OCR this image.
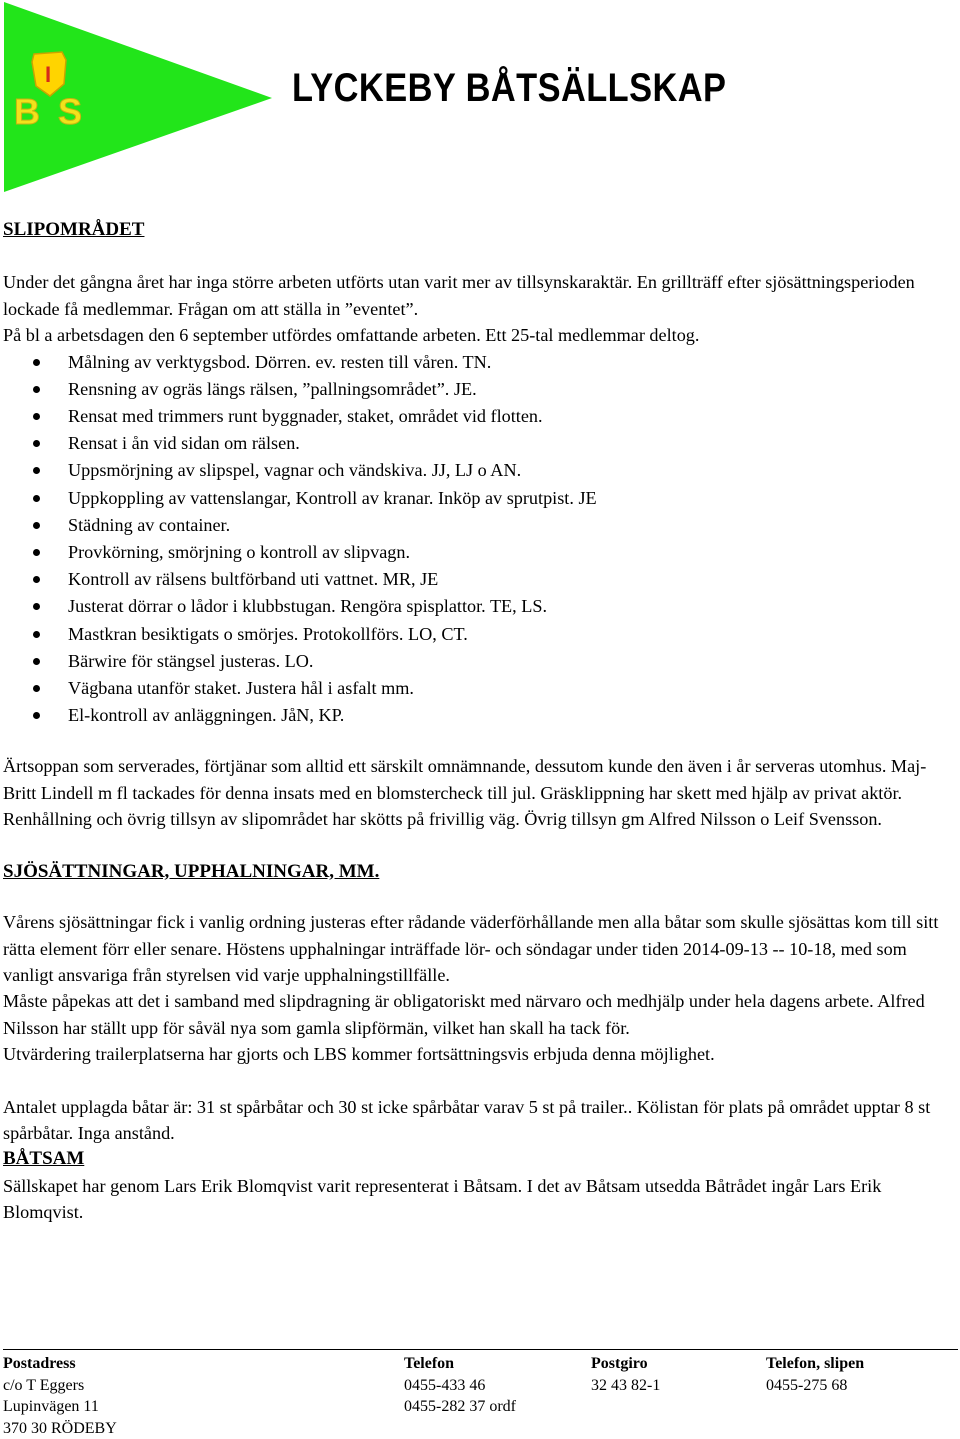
I
B S
LYCKEBY BÅTSÄLLSKAP
SLIPOMRÅDET

Under det gångna året har inga större arbeten utförts utan varit mer av tillsynskaraktär. En grillträff efter sjösättningsperioden lockade få medlemmar. Frågan om att ställa in ”eventet”.

På bl a arbetsdagen den 6 september utfördes omfattande arbeten. Ett 25-tal medlemmar deltog.

Målning av verktygsbod. Dörren. ev. resten till våren. TN.
Rensning av ogräs längs rälsen, ”pallningsområdet”. JE.
Rensat med trimmers runt byggnader, staket, området vid flotten.
Rensat i ån vid sidan om rälsen.
Uppsmörjning av slipspel, vagnar och vändskiva. JJ, LJ o AN.
Uppkoppling av vattenslangar, Kontroll av kranar. Inköp av sprutpist. JE
Städning av container.
Provkörning, smörjning o kontroll av slipvagn.
Kontroll av rälsens bultförband uti vattnet. MR, JE
Justerat dörrar o lådor i klubbstugan. Rengöra spisplattor. TE, LS.
Mastkran besiktigats o smörjes. Protokollförs. LO, CT.
Bärwire för stängsel justeras. LO.
Vägbana utanför staket. Justera hål i asfalt mm.
El-kontroll av anläggningen. JåN, KP.

Ärtsoppan som serverades, förtjänar som alltid ett särskilt omnämnande, dessutom kunde den även i år serveras utomhus. Maj-Britt Lindell m fl tackades för denna insats med en blomstercheck till jul. Gräsklippning har skett med hjälp av privat aktör. Renhållning och övrig tillsyn av slipområdet har skötts på frivillig väg. Övrig tillsyn gm Alfred Nilsson o Leif Svensson.

SJÖSÄTTNINGAR, UPPHALNINGAR, MM.

Vårens sjösättningar fick i vanlig ordning justeras efter rådande väderförhållande men alla båtar som skulle sjösättas kom till sitt rätta element förr eller senare. Höstens upphalningar inträffade lör- och söndagar under tiden 2014-09-13 -- 10-18, med som vanligt ansvariga från styrelsen vid varje upphalningstillfälle.

Måste påpekas att det i samband med slipdragning är obligatoriskt med närvaro och medhjälp under hela dagens arbete. Alfred Nilsson har ställt upp för såväl nya som gamla slipförmän, vilket han skall ha tack för.

Utvärdering trailerplatserna har gjorts och LBS kommer fortsättningsvis erbjuda denna möjlighet.

Antalet upplagda båtar är: 31 st spårbåtar och 30 st icke spårbåtar varav 5 st på trailer.. Kölistan för plats på området upptar 8 st spårbåtar. Inga anstånd.

BÅTSAM

Sällskapet har genom Lars Erik Blomqvist varit representerat i Båtsam. I det av Båtsam utsedda Båtrådet ingår Lars Erik Blomqvist.

Postadress
c/o T Eggers
Lupinvägen 11
370 30 RÖDEBY
Telefon
0455-433 46
0455-282 37 ordf
Postgiro
32 43 82-1
Telefon, slipen
0455-275 68
